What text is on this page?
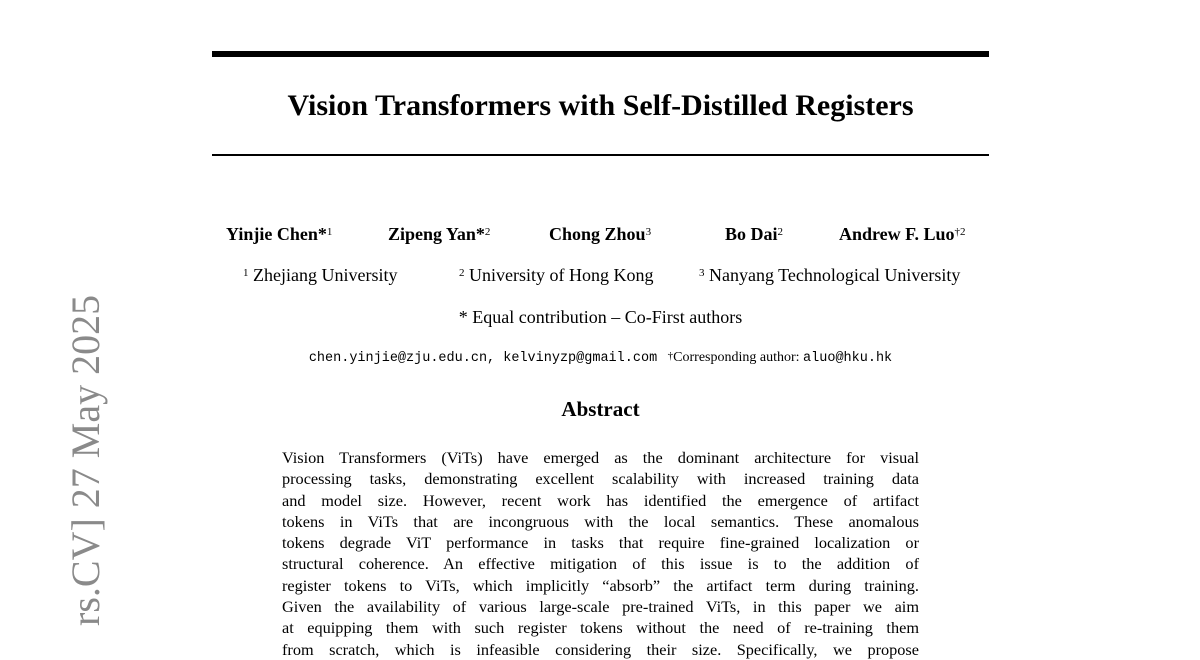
Vision Transformers with Self-Distilled Registers
Yinjie Chen*$^1$	Zipeng Yan*$^2$	Chong Zhou$^3$	Bo Dai$^2$	Andrew F. Luo$^{\dagger 2}$
$^1$ Zhejiang University	$^2$ University of Hong Kong	$^3$ Nanyang Technological University
* Equal contribution – Co-First authors
chen.yinjie@zju.edu.cn, kelvinyzp@gmail.com †Corresponding author: aluo@hku.hk
Abstract
Vision Transformers (ViTs) have emerged as the dominant architecture for visual
processing tasks, demonstrating excellent scalability with increased training data
and model size. However, recent work has identified the emergence of artifact
tokens in ViTs that are incongruous with the local semantics. These anomalous
tokens degrade ViT performance in tasks that require fine-grained localization or
structural coherence. An effective mitigation of this issue is to the addition of
register tokens to ViTs, which implicitly “absorb” the artifact term during training.
Given the availability of various large-scale pre-trained ViTs, in this paper we aim
at equipping them with such register tokens without the need of re-training them
from scratch, which is infeasible considering their size. Specifically, we propose
rs.CV] 27 May 2025
